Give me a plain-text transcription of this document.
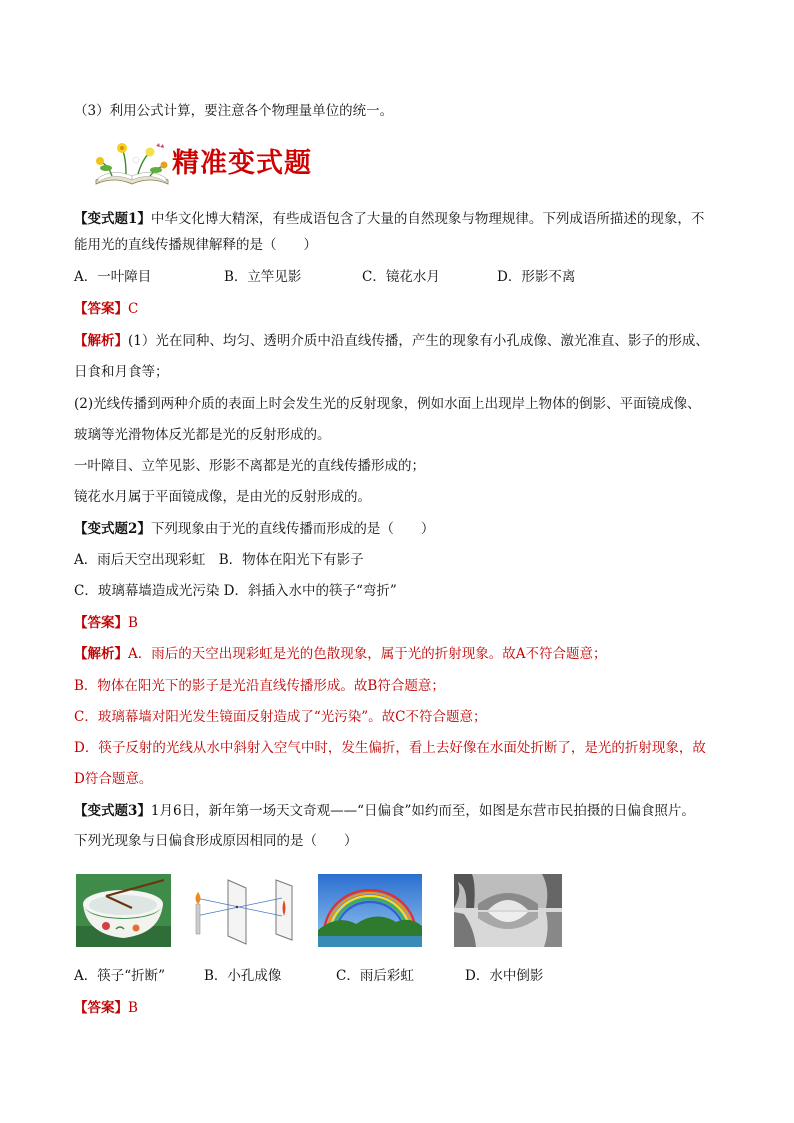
（3）利用公式计算，要注意各个物理量单位的统一。
精准变式题
【变式题1】中华文化博大精深，有些成语包含了大量的自然现象与物理规律。下列成语所描述的现象，不
能用光的直线传播规律解释的是（　　）
A．一叶障目	B．立竿见影	C．镜花水月	D．形影不离
【答案】C
【解析】(1）光在同种、均匀、透明介质中沿直线传播，产生的现象有小孔成像、激光准直、影子的形成、
日食和月食等；
(2)光线传播到两种介质的表面上时会发生光的反射现象，例如水面上出现岸上物体的倒影、平面镜成像、
玻璃等光滑物体反光都是光的反射形成的。
一叶障目、立竿见影、形影不离都是光的直线传播形成的；
镜花水月属于平面镜成像，是由光的反射形成的。
【变式题2】下列现象由于光的直线传播而形成的是（　　）
A．雨后天空出现彩虹　B．物体在阳光下有影子
C．玻璃幕墙造成光污染 D．斜插入水中的筷子“弯折”
【答案】B
【解析】A．雨后的天空出现彩虹是光的色散现象，属于光的折射现象。故A不符合题意；
B．物体在阳光下的影子是光沿直线传播形成。故B符合题意；
C．玻璃幕墙对阳光发生镜面反射造成了“光污染”。故C不符合题意；
D．筷子反射的光线从水中斜射入空气中时，发生偏折，看上去好像在水面处折断了，是光的折射现象，故
D符合题意。
【变式题3】1月6日，新年第一场天文奇观——“日偏食”如约而至，如图是东营市民拍摄的日偏食照片。
下列光现象与日偏食形成原因相同的是（　　）
A．筷子“折断”	B．小孔成像	C．雨后彩虹	D．水中倒影
【答案】B
